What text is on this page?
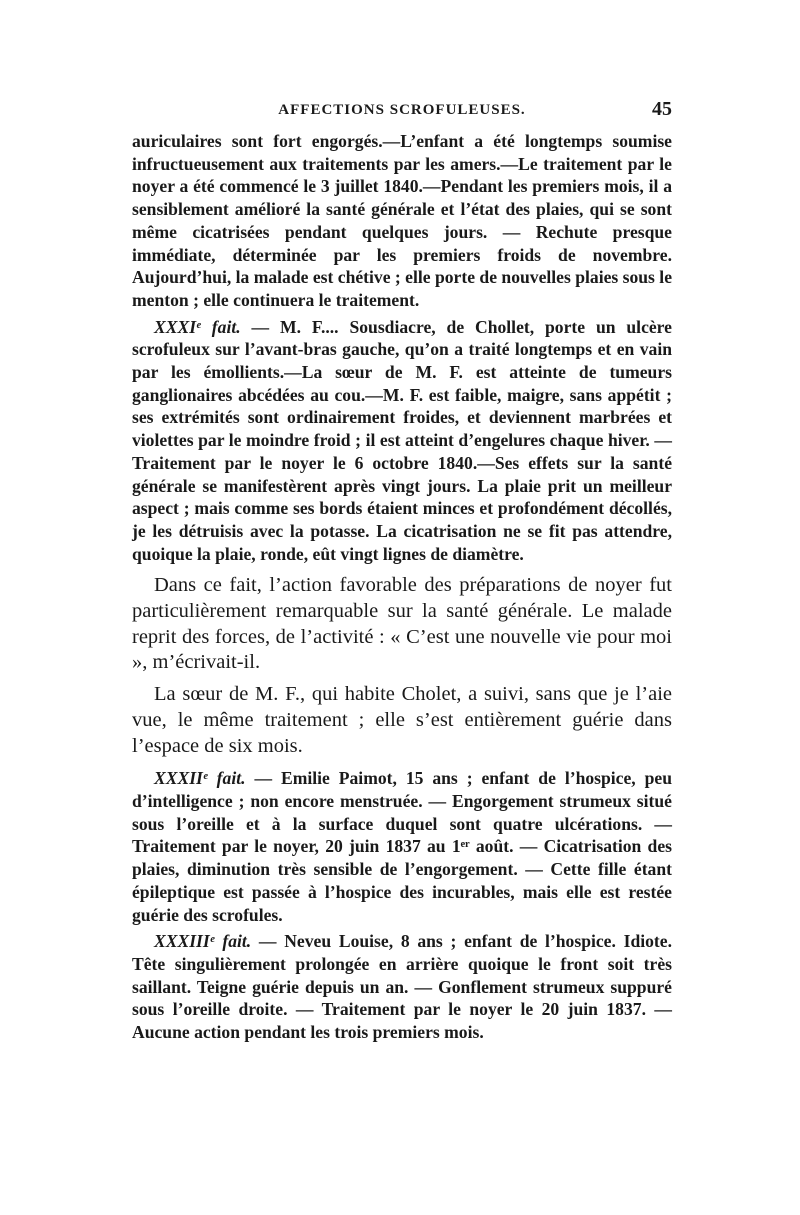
AFFECTIONS SCROFULEUSES.	45

auriculaires sont fort engorgés.—L’enfant a été longtemps soumise infructueusement aux traitements par les amers.—Le traitement par le noyer a été commencé le 3 juillet 1840.—Pendant les premiers mois, il a sensiblement amélioré la santé générale et l’état des plaies, qui se sont même cicatrisées pendant quelques jours. — Rechute presque immédiate, déterminée par les premiers froids de novembre. Aujourd’hui, la malade est chétive ; elle porte de nouvelles plaies sous le menton ; elle continuera le traitement.

XXXIᵉ fait. — M. F.... Sousdiacre, de Chollet, porte un ulcère scrofuleux sur l’avant-bras gauche, qu’on a traité longtemps et en vain par les émollients.—La sœur de M. F. est atteinte de tumeurs ganglionaires abcédées au cou.—M. F. est faible, maigre, sans appétit ; ses extrémités sont ordinairement froides, et deviennent marbrées et violettes par le moindre froid ; il est atteint d’engelures chaque hiver. — Traitement par le noyer le 6 octobre 1840.—Ses effets sur la santé générale se manifestèrent après vingt jours. La plaie prit un meilleur aspect ; mais comme ses bords étaient minces et profondément décollés, je les détruisis avec la potasse. La cicatrisation ne se fit pas attendre, quoique la plaie, ronde, eût vingt lignes de diamètre.

Dans ce fait, l’action favorable des préparations de noyer fut particulièrement remarquable sur la santé générale. Le malade reprit des forces, de l’activité : « C’est une nouvelle vie pour moi », m’écrivait-il.

La sœur de M. F., qui habite Cholet, a suivi, sans que je l’aie vue, le même traitement ; elle s’est entièrement guérie dans l’espace de six mois.

XXXIIᵉ fait. — Emilie Paimot, 15 ans ; enfant de l’hospice, peu d’intelligence ; non encore menstruée. — Engorgement strumeux situé sous l’oreille et à la surface duquel sont quatre ulcérations. — Traitement par le noyer, 20 juin 1837 au 1ᵉʳ août. — Cicatrisation des plaies, diminution très sensible de l’engorgement. — Cette fille étant épileptique est passée à l’hospice des incurables, mais elle est restée guérie des scrofules.

XXXIIIᵉ fait. — Neveu Louise, 8 ans ; enfant de l’hospice. Idiote. Tête singulièrement prolongée en arrière quoique le front soit très saillant. Teigne guérie depuis un an. — Gonflement strumeux suppuré sous l’oreille droite. — Traitement par le noyer le 20 juin 1837. — Aucune action pendant les trois premiers mois.
